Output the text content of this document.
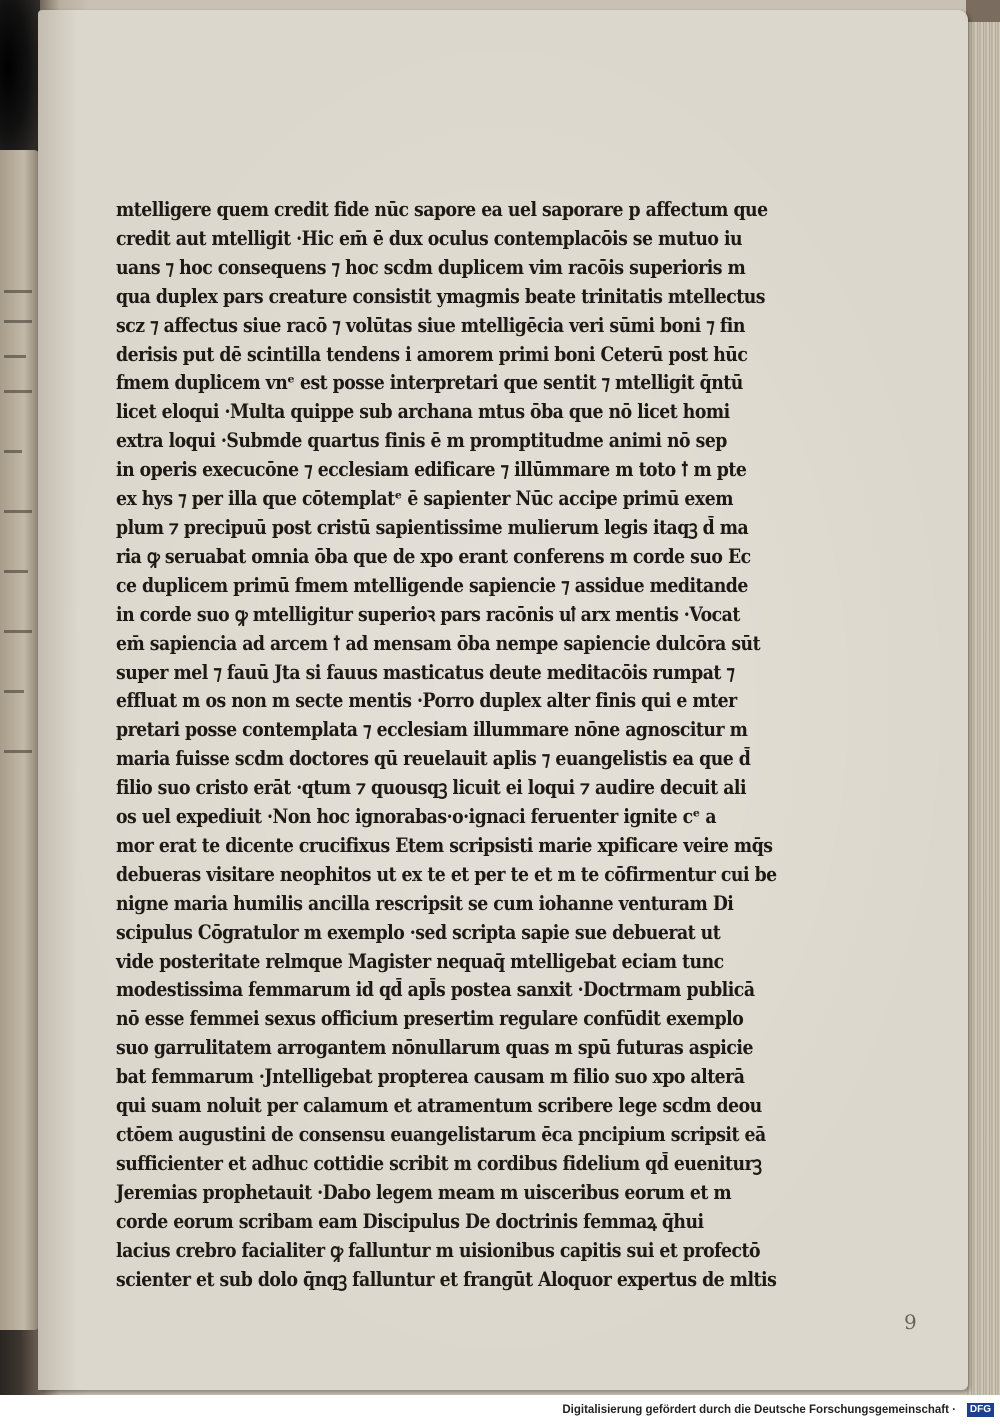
mtelligere quem credit fide nūc sapore ea uel saporare p affectum que
credit aut mtelligit ·Hic em̄ ē dux oculus contemplacōis se mutuo iu
uans ⁊ hoc consequens ⁊ hoc scdm duplicem vim racōis superioris m
qua duplex pars creature consistit ymagmis beate trinitatis mtellectus
scz ⁊ affectus siue racō ⁊ volūtas siue mtelligēcia veri sūmi boni ⁊ fin
derisis put dē scintilla tendens i amorem primi boni Ceterū post hūc
fmem duplicem vnᵉ est posse interpretari que sentit ⁊ mtelligit q̄ntū
licet eloqui ·Multa quippe sub archana mtus ōba que nō licet homi
extra loqui ·Submde quartus finis ē m promptitudme animi nō sep
in operis execucōne ⁊ ecclesiam edificare ⁊ illūmmare m toto ꝉ m pte
ex hys ⁊ per illa que cōtemplatᵉ ē sapienter Nūc accipe primū exem
plum ⁊ precipuū post cristū sapientissime mulierum legis itaqꝫ d̄ ma
ria ꝙ seruabat omnia ōba que de xpo erant conferens m corde suo Ec
ce duplicem primū fmem mtelligende sapiencie ⁊ assidue meditande
in corde suo ꝙ mtelligitur superioꝛ pars racōnis uꝉ arx mentis ·Vocat
em̄ sapiencia ad arcem ꝉ ad mensam ōba nempe sapiencie dulcōra sūt
super mel ⁊ fauū Jta si fauus masticatus deute meditacōis rumpat ⁊
effluat m os non m secte mentis ·Porro duplex alter finis qui e mter
pretari posse contemplata ⁊ ecclesiam illummare nōne agnoscitur m
maria fuisse scdm doctores qū reuelauit aplis ⁊ euangelistis ea que d̄
filio suo cristo erāt ·qtum ⁊ quousqꝫ licuit ei loqui ⁊ audire decuit ali
os uel expediuit ·Non hoc ignorabas·o·ignaci feruenter ignite cᵉ a
mor erat te dicente crucifixus Etem scripsisti marie xpificare veire mq̄s
debueras visitare neophitos ut ex te et per te et m te cōfirmentur cui be
nigne maria humilis ancilla rescripsit se cum iohanne venturam Di
scipulus Cōgratulor m exemplo ·sed scripta sapie sue debuerat ut
vide posteritate relmque Magister nequaq̄ mtelligebat eciam tunc
modestissima femmarum id qd̄ apl̄s postea sanxit ·Doctrmam publicā
nō esse femmei sexus officium presertim regulare confūdit exemplo
suo garrulitatem arrogantem nōnullarum quas m spū futuras aspicie
bat femmarum ·Jntelligebat propterea causam m filio suo xpo alterā
qui suam noluit per calamum et atramentum scribere lege scdm deou
ctōem augustini de consensu euangelistarum ēca pncipium scripsit eā
sufficienter et adhuc cottidie scribit m cordibus fidelium qd̄ eueniturꝫ
Jeremias prophetauit ·Dabo legem meam m uisceribus eorum et m
corde eorum scribam eam Discipulus De doctrinis femmaꝝ q̄hui
lacius crebro facialiter ꝙ falluntur m uisionibus capitis sui et profectō
scienter et sub dolo q̄nqꝫ falluntur et frangūt Aloquor expertus de mltis
9
Digitalisierung gefördert durch die Deutsche Forschungsgemeinschaft ·	DFG
